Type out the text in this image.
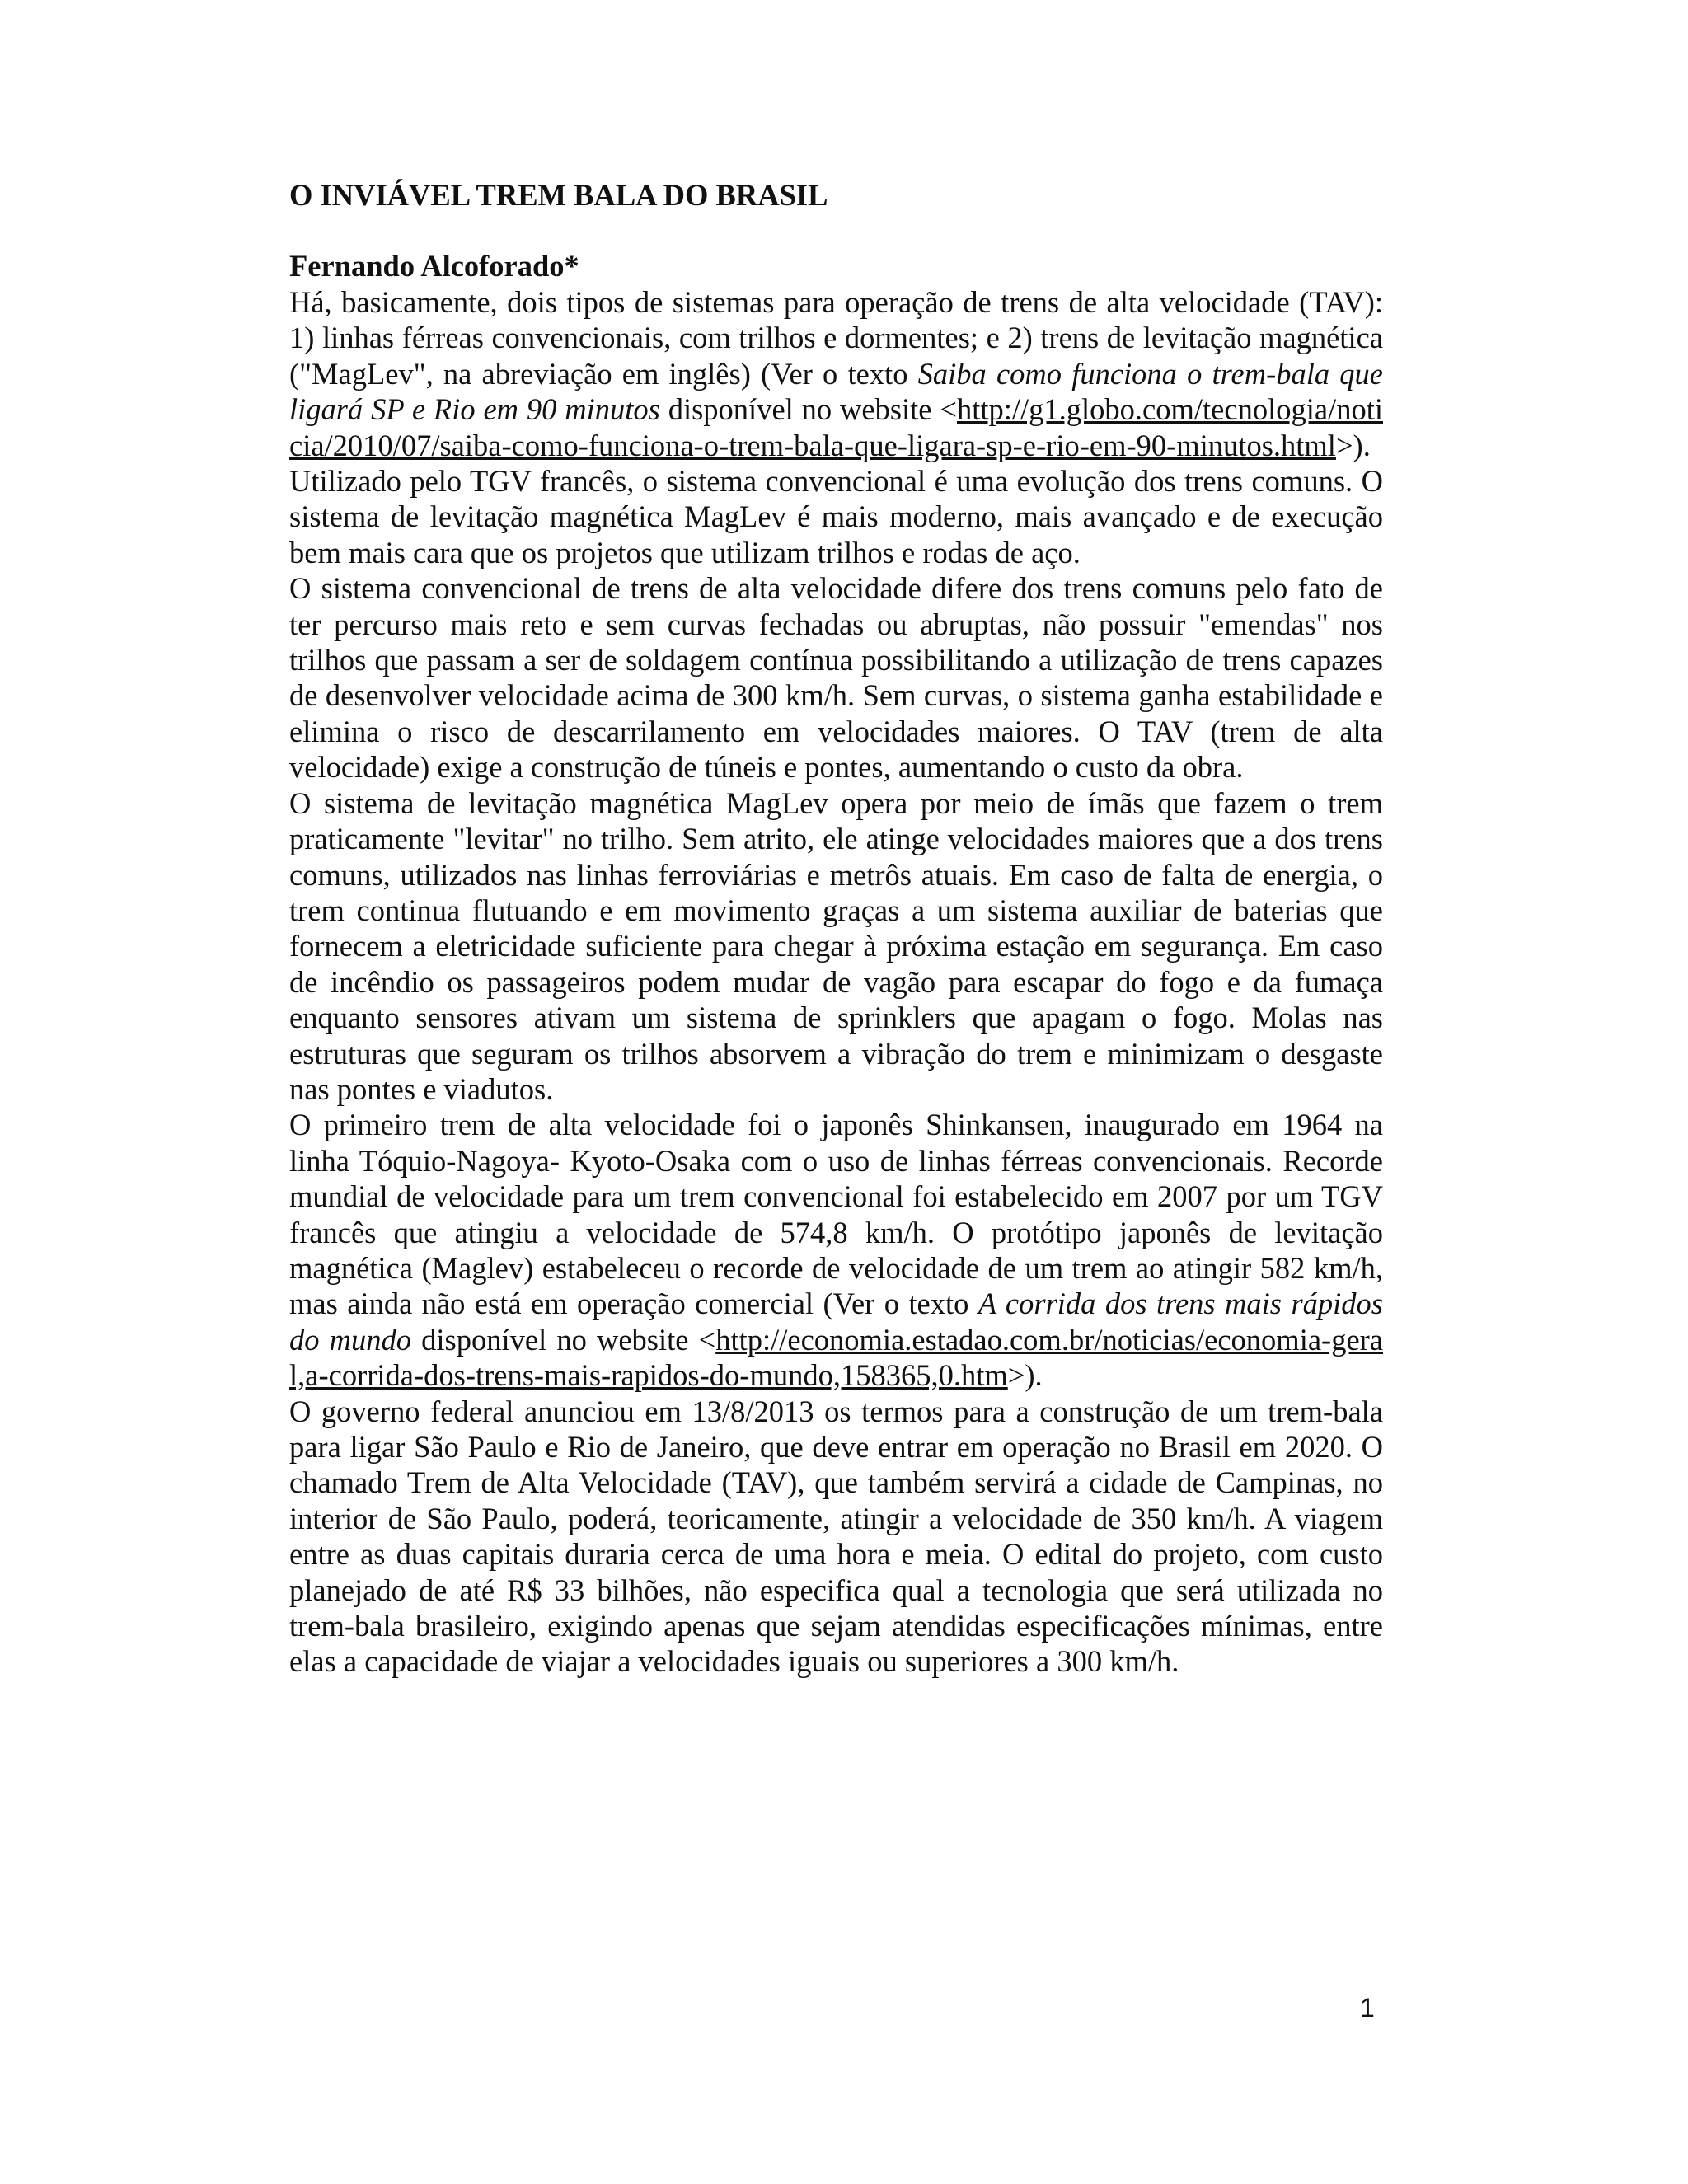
O INVIÁVEL TREM BALA DO BRASIL
Fernando Alcoforado*

Há, basicamente, dois tipos de sistemas para operação de trens de alta velocidade (TAV): 1) linhas férreas convencionais, com trilhos e dormentes; e 2) trens de levitação magnética ("MagLev", na abreviação em inglês) (Ver o texto Saiba como funciona o trem-bala que ligará SP e Rio em 90 minutos disponível no website <http://g1.globo.com/tecnologia/noticia/2010/07/saiba-como-funciona-o-trem-bala-que-ligara-sp-e-rio-em-90-minutos.html>). Utilizado pelo TGV francês, o sistema convencional é uma evolução dos trens comuns. O sistema de levitação magnética MagLev é mais moderno, mais avançado e de execução bem mais cara que os projetos que utilizam trilhos e rodas de aço.

O sistema convencional de trens de alta velocidade difere dos trens comuns pelo fato de ter percurso mais reto e sem curvas fechadas ou abruptas, não possuir "emendas" nos trilhos que passam a ser de soldagem contínua possibilitando a utilização de trens capazes de desenvolver velocidade acima de 300 km/h. Sem curvas, o sistema ganha estabilidade e elimina o risco de descarrilamento em velocidades maiores. O TAV (trem de alta velocidade) exige a construção de túneis e pontes, aumentando o custo da obra.

O sistema de levitação magnética MagLev opera por meio de ímãs que fazem o trem praticamente "levitar" no trilho. Sem atrito, ele atinge velocidades maiores que a dos trens comuns, utilizados nas linhas ferroviárias e metrôs atuais. Em caso de falta de energia, o trem continua flutuando e em movimento graças a um sistema auxiliar de baterias que fornecem a eletricidade suficiente para chegar à próxima estação em segurança. Em caso de incêndio os passageiros podem mudar de vagão para escapar do fogo e da fumaça enquanto sensores ativam um sistema de sprinklers que apagam o fogo. Molas nas estruturas que seguram os trilhos absorvem a vibração do trem e minimizam o desgaste nas pontes e viadutos.

O primeiro trem de alta velocidade foi o japonês Shinkansen, inaugurado em 1964 na linha Tóquio-Nagoya- Kyoto-Osaka com o uso de linhas férreas convencionais. Recorde mundial de velocidade para um trem convencional foi estabelecido em 2007 por um TGV francês que atingiu a velocidade de 574,8 km/h. O protótipo japonês de levitação magnética (Maglev) estabeleceu o recorde de velocidade de um trem ao atingir 582 km/h, mas ainda não está em operação comercial (Ver o texto A corrida dos trens mais rápidos do mundo disponível no website <http://economia.estadao.com.br/noticias/economia-geral,a-corrida-dos-trens-mais-rapidos-do-mundo,158365,0.htm>).

O governo federal anunciou em 13/8/2013 os termos para a construção de um trem-bala para ligar São Paulo e Rio de Janeiro, que deve entrar em operação no Brasil em 2020. O chamado Trem de Alta Velocidade (TAV), que também servirá a cidade de Campinas, no interior de São Paulo, poderá, teoricamente, atingir a velocidade de 350 km/h. A viagem entre as duas capitais duraria cerca de uma hora e meia. O edital do projeto, com custo planejado de até R$ 33 bilhões, não especifica qual a tecnologia que será utilizada no trem-bala brasileiro, exigindo apenas que sejam atendidas especificações mínimas, entre elas a capacidade de viajar a velocidades iguais ou superiores a 300 km/h.

1
